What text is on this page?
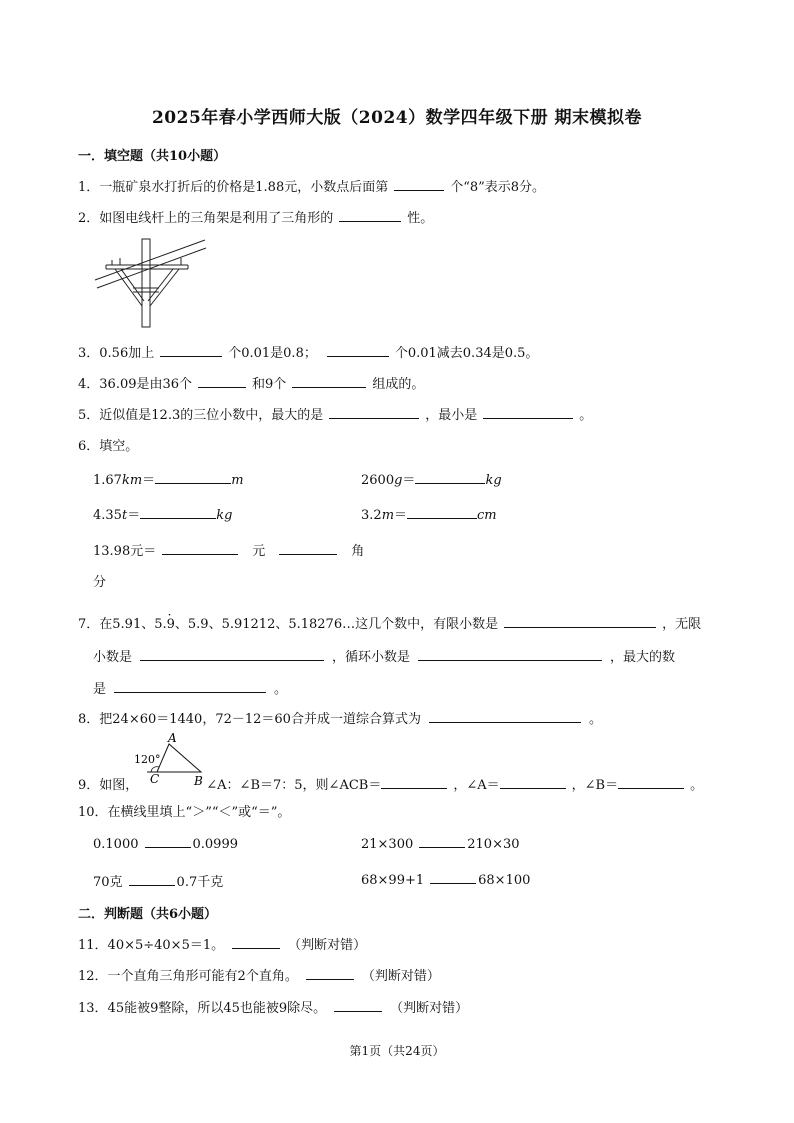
2025年春小学西师大版（2024）数学四年级下册 期末模拟卷
一．填空题（共10小题）
1．一瓶矿泉水打折后的价格是1.88元，小数点后面第	个“8”表示8分。
2．如图电线杆上的三角架是利用了三角形的	性。
3．0.56加上	个0.01是0.8；	个0.01减去0.34是0.5。
4．36.09是由36个	和9个	组成的。
5．近似值是12.3的三位小数中，最大的是	，最小是	。
6．填空。
1.67km＝	m	2600g＝	kg
4.35t＝	kg	3.2m＝	cm
13.98元＝	元	角
分
7．在5.91、5.· 9、5.9、5.91212、5.18276…这几个数中，有限小数是	，无限
小数是	，循环小数是	，最大的数
是	。
8．把24×60＝1440，72－12＝60合并成一道综合算式为	。
A
C	B
120°
9．如图，	∠A：∠B＝7：5，则∠ACB＝	，∠A＝	，∠B＝	。
10．在横线里填上“＞”“＜”或“＝”。
0.1000	0.0999	21×300	210×30
70克	0.7千克	68×99+1	68×100
二．判断题（共6小题）
11．40×5÷40×5＝1。	（判断对错）
12．一个直角三角形可能有2个直角。	（判断对错）
13．45能被9整除，所以45也能被9除尽。	（判断对错）
第1页（共24页）
